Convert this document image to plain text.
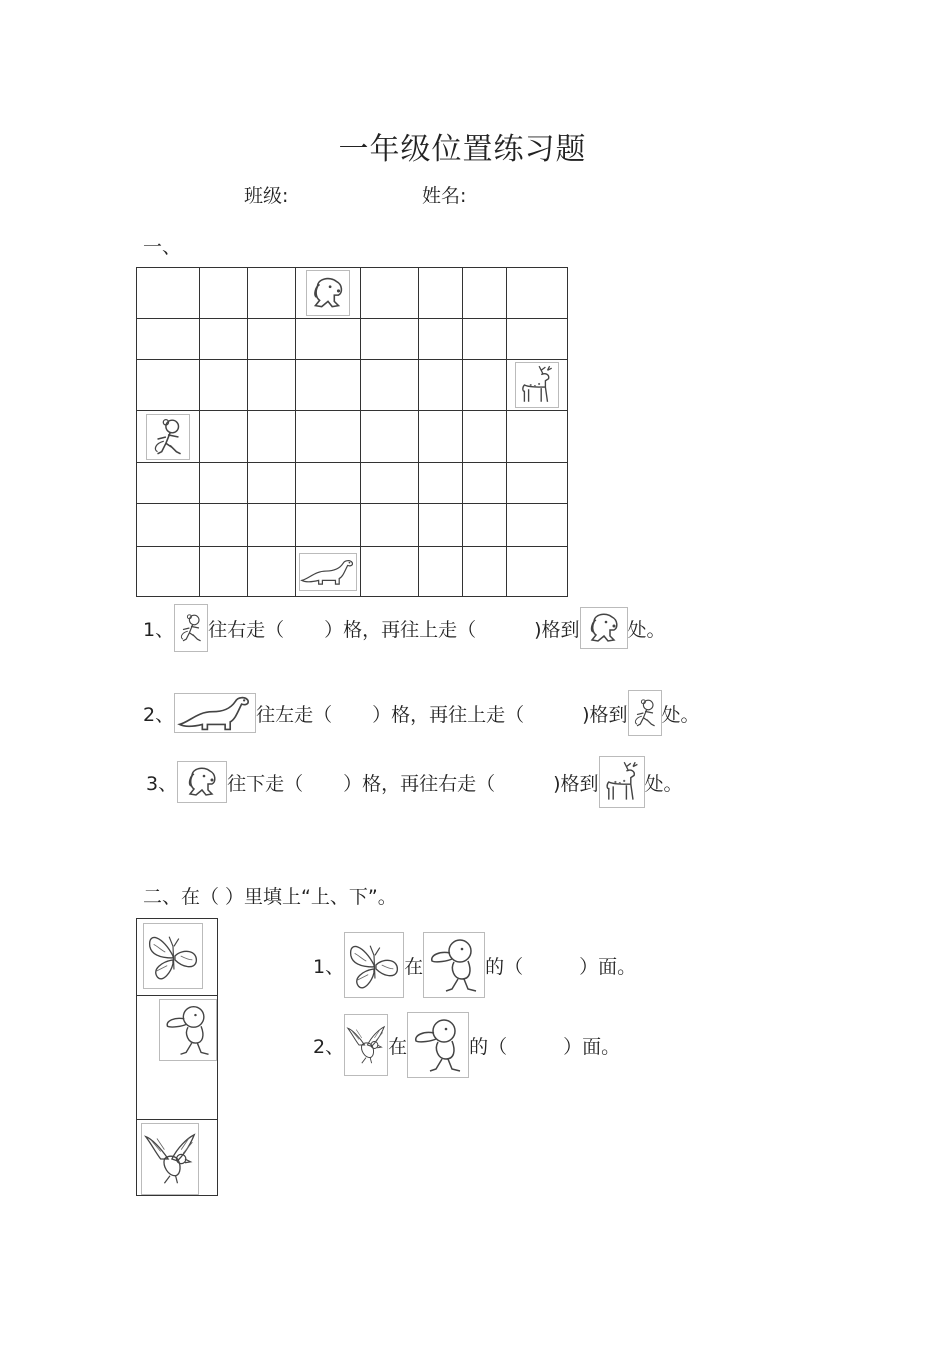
一年级位置练习题
班级:	姓名:
一、

1、 往右走（ ）格，再往上走（	)格到	处。
2、	往左走（ ）格，再往上走（	)格到 处。
3、	往下走（ ）格，再往右走（	)格到 处。
二、在（ ）里填上“上、下”。
1、	在	的（	）面。
2、 在	的（	）面。
